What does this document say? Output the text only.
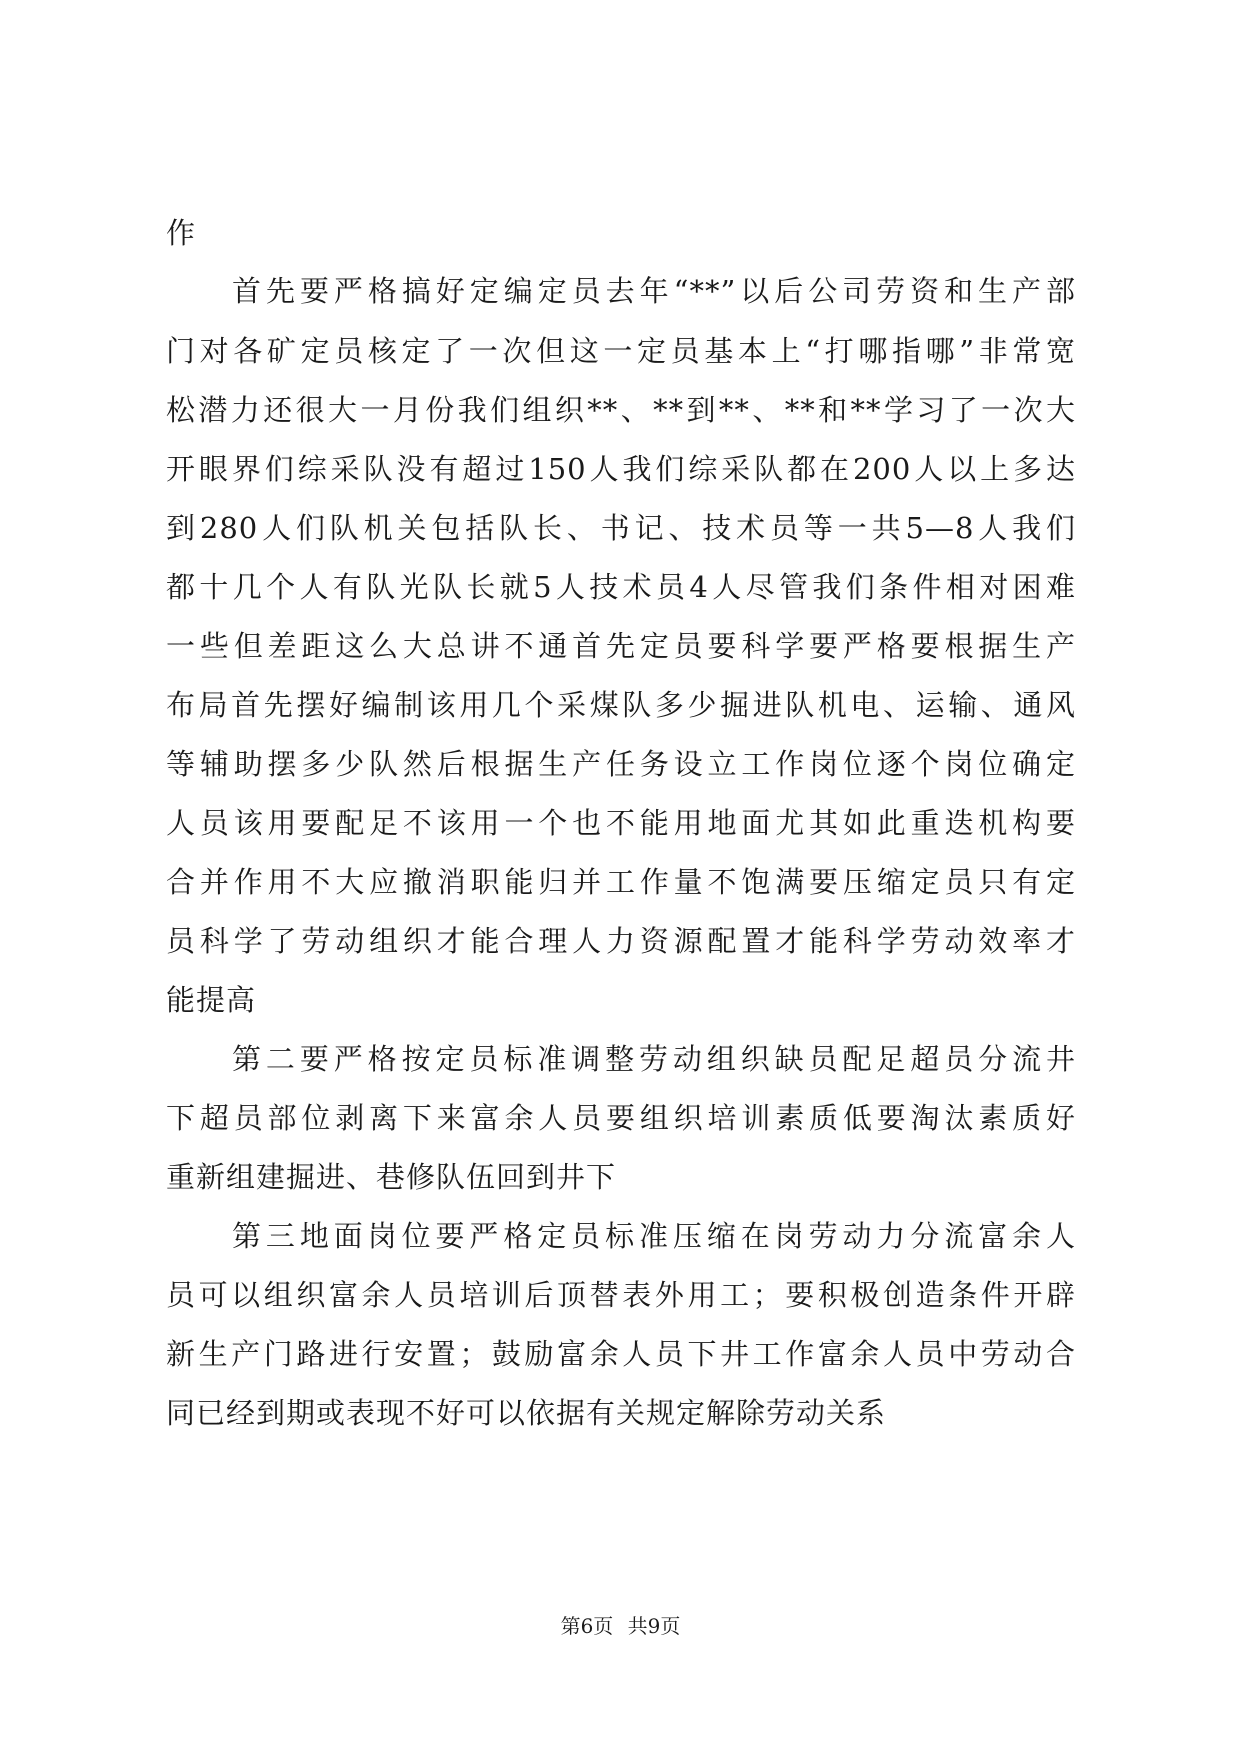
作
首先要严格搞好定编定员去年“**”以后公司劳资和生产部
门对各矿定员核定了一次但这一定员基本上“打哪指哪”非常宽
松潜力还很大一月份我们组织**、**到**、**和**学习了一次大
开眼界们综采队没有超过150人我们综采队都在200人以上多达
到280人们队机关包括队长、书记、技术员等一共5—8人我们
都十几个人有队光队长就5人技术员4人尽管我们条件相对困难
一些但差距这么大总讲不通首先定员要科学要严格要根据生产
布局首先摆好编制该用几个采煤队多少掘进队机电、运输、通风
等辅助摆多少队然后根据生产任务设立工作岗位逐个岗位确定
人员该用要配足不该用一个也不能用地面尤其如此重迭机构要
合并作用不大应撤消职能归并工作量不饱满要压缩定员只有定
员科学了劳动组织才能合理人力资源配置才能科学劳动效率才
能提高
第二要严格按定员标准调整劳动组织缺员配足超员分流井
下超员部位剥离下来富余人员要组织培训素质低要淘汰素质好
重新组建掘进、巷修队伍回到井下
第三地面岗位要严格定员标准压缩在岗劳动力分流富余人
员可以组织富余人员培训后顶替表外用工；要积极创造条件开辟
新生产门路进行安置；鼓励富余人员下井工作富余人员中劳动合
同已经到期或表现不好可以依据有关规定解除劳动关系
第6页 共9页
